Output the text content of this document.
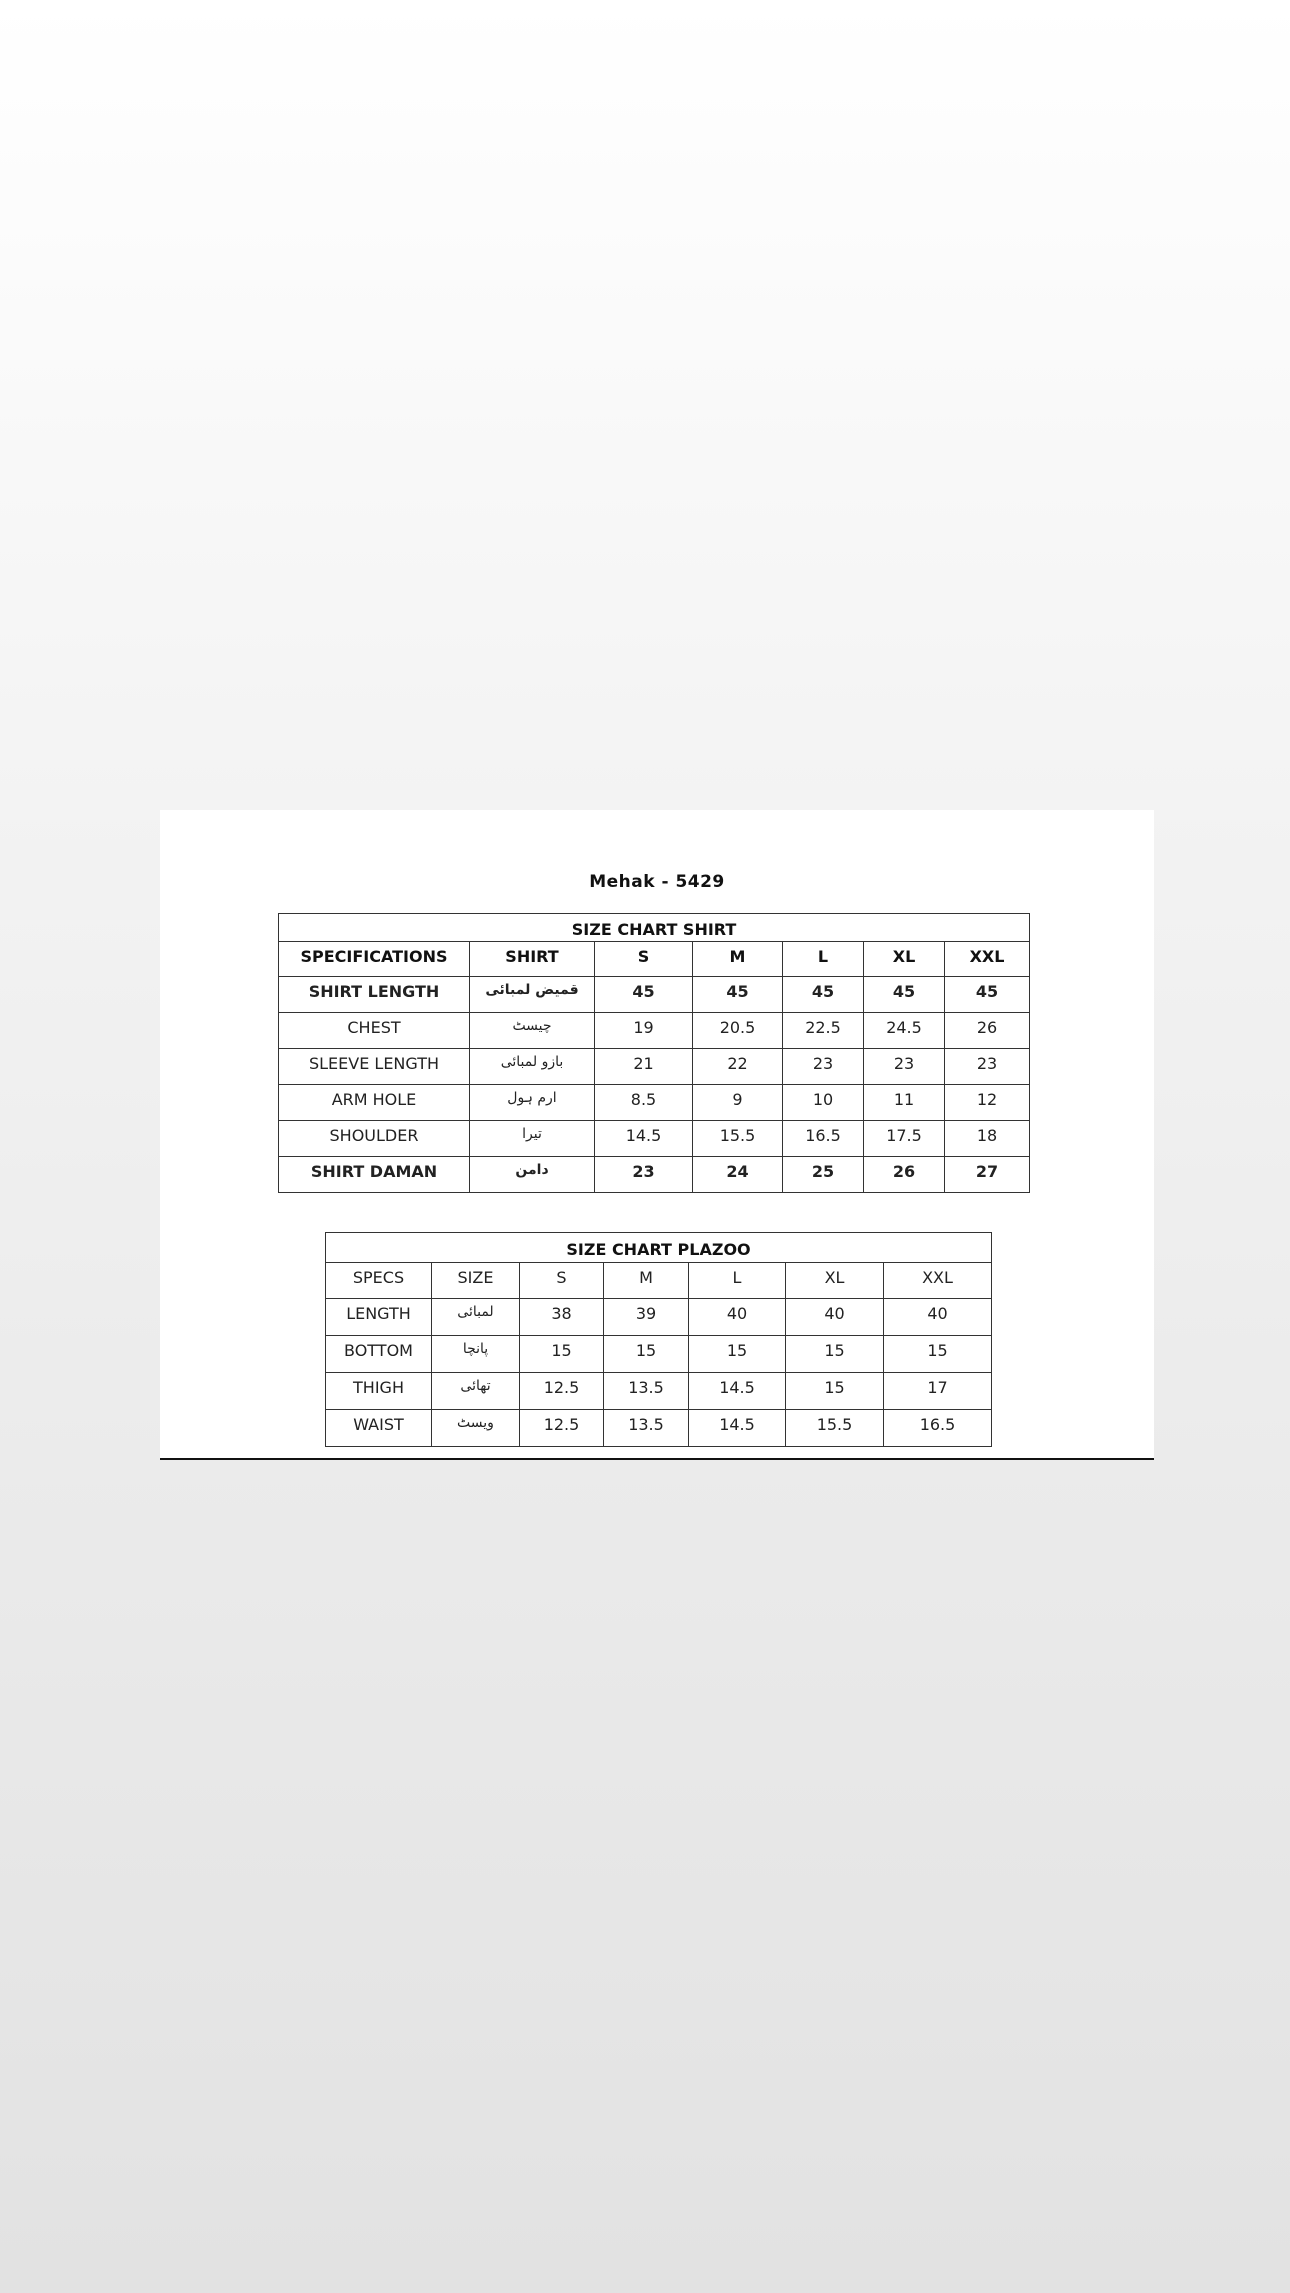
Mehak - 5429
SIZE CHART SHIRT						

SPECIFICATIONS	SHIRT	S	M	L	XL	XXL

SHIRT LENGTH	قمیض لمبائی	45	45	45	45	45

CHEST	چیسٹ	19	20.5	22.5	24.5	26

SLEEVE LENGTH	بازو لمبائی	21	22	23	23	23

ARM HOLE	ارم ہول	8.5	9	10	11	12

SHOULDER	تیرا	14.5	15.5	16.5	17.5	18

SHIRT DAMAN	دامن	23	24	25	26	27
SIZE CHART PLAZOO						

SPECS	SIZE	S	M	L	XL	XXL

LENGTH	لمبائی	38	39	40	40	40

BOTTOM	پانچا	15	15	15	15	15

THIGH	تھائی	12.5	13.5	14.5	15	17

WAIST	ویسٹ	12.5	13.5	14.5	15.5	16.5
